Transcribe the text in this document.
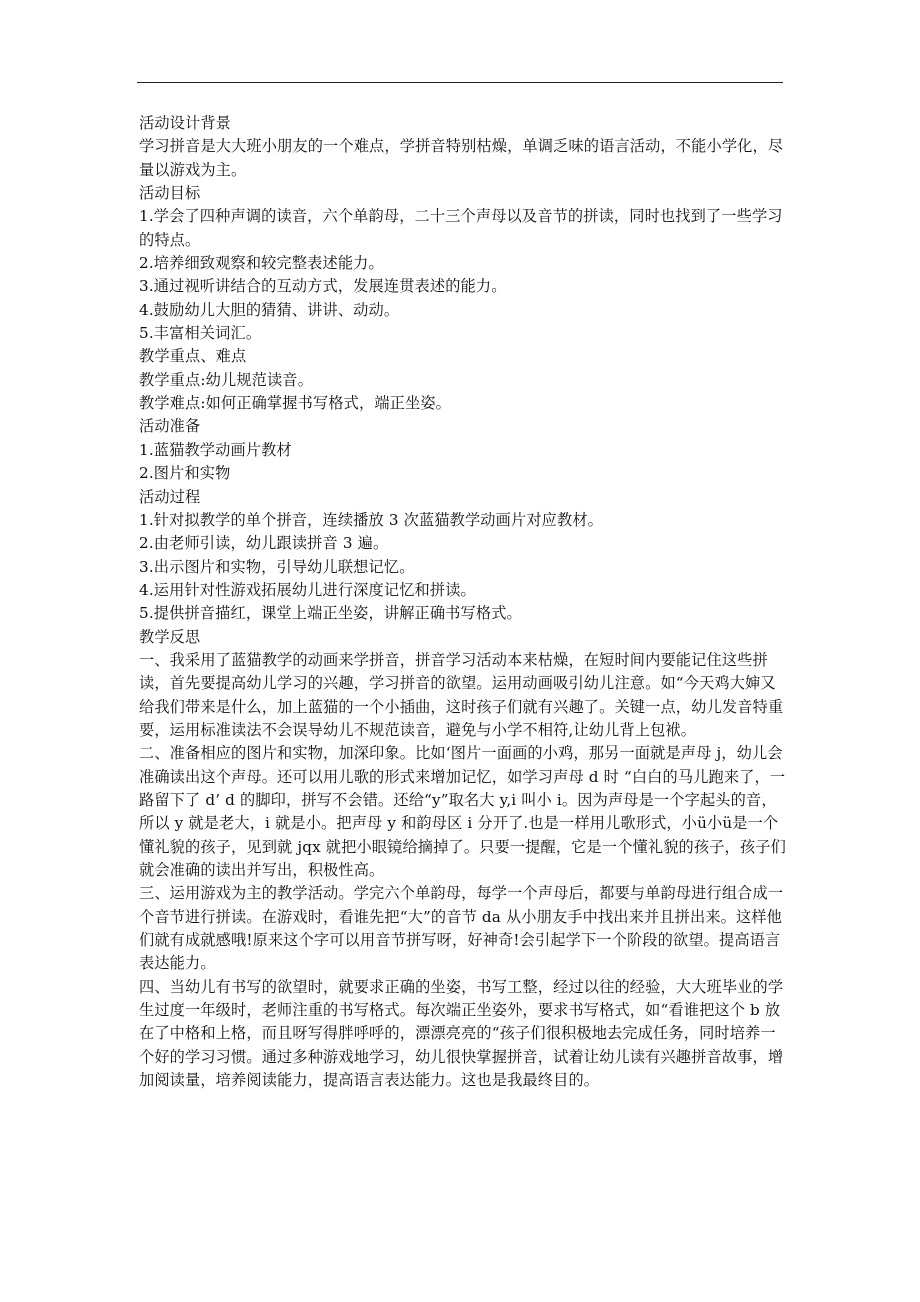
活动设计背景

学习拼音是大大班小朋友的一个难点，学拼音特别枯燥，单调乏味的语言活动，不能小学化，尽量以游戏为主。

活动目标

1.学会了四种声调的读音，六个单韵母，二十三个声母以及音节的拼读，同时也找到了一些学习的特点。

2.培养细致观察和较完整表述能力。

3.通过视听讲结合的互动方式，发展连贯表述的能力。

4.鼓励幼儿大胆的猜猜、讲讲、动动。

5.丰富相关词汇。

教学重点、难点

教学重点:幼儿规范读音。

教学难点:如何正确掌握书写格式，端正坐姿。

活动准备

1.蓝猫教学动画片教材

2.图片和实物

活动过程

1.针对拟教学的单个拼音，连续播放 3 次蓝猫教学动画片对应教材。

2.由老师引读，幼儿跟读拼音 3 遍。

3.出示图片和实物，引导幼儿联想记忆。

4.运用针对性游戏拓展幼儿进行深度记忆和拼读。

5.提供拼音描红，课堂上端正坐姿，讲解正确书写格式。

教学反思

一、我采用了蓝猫教学的动画来学拼音，拼音学习活动本来枯燥，在短时间内要能记住这些拼读，首先要提高幼儿学习的兴趣，学习拼音的欲望。运用动画吸引幼儿注意。如“今天鸡大婶又给我们带来是什么，加上蓝猫的一个小插曲，这时孩子们就有兴趣了。关键一点，幼儿发音特重要，运用标准读法不会误导幼儿不规范读音，避免与小学不相符,让幼儿背上包袱。

二、准备相应的图片和实物，加深印象。比如‘图片一面画的小鸡，那另一面就是声母 j，幼儿会准确读出这个声母。还可以用儿歌的形式来增加记忆，如学习声母 d 时 “白白的马儿跑来了，一路留下了 d’ d 的脚印，拼写不会错。还给“y”取名大 y,i 叫小 i。因为声母是一个字起头的音，所以 y 就是老大，i 就是小。把声母 y 和韵母区 i 分开了.也是一样用儿歌形式，小ü小ü是一个懂礼貌的孩子，见到就 jqx 就把小眼镜给摘掉了。只要一提醒，它是一个懂礼貌的孩子，孩子们就会准确的读出并写出，积极性高。

三、运用游戏为主的教学活动。学完六个单韵母，每学一个声母后，都要与单韵母进行组合成一个音节进行拼读。在游戏时，看谁先把“大”的音节 da 从小朋友手中找出来并且拼出来。这样他们就有成就感哦!原来这个字可以用音节拼写呀，好神奇!会引起学下一个阶段的欲望。提高语言表达能力。

四、当幼儿有书写的欲望时，就要求正确的坐姿，书写工整，经过以往的经验，大大班毕业的学生过度一年级时，老师注重的书写格式。每次端正坐姿外，要求书写格式，如“看谁把这个 b 放在了中格和上格，而且呀写得胖呼呼的，漂漂亮亮的“孩子们很积极地去完成任务，同时培养一个好的学习习惯。通过多种游戏地学习，幼儿很快掌握拼音，试着让幼儿读有兴趣拼音故事，增加阅读量，培养阅读能力，提高语言表达能力。这也是我最终目的。
